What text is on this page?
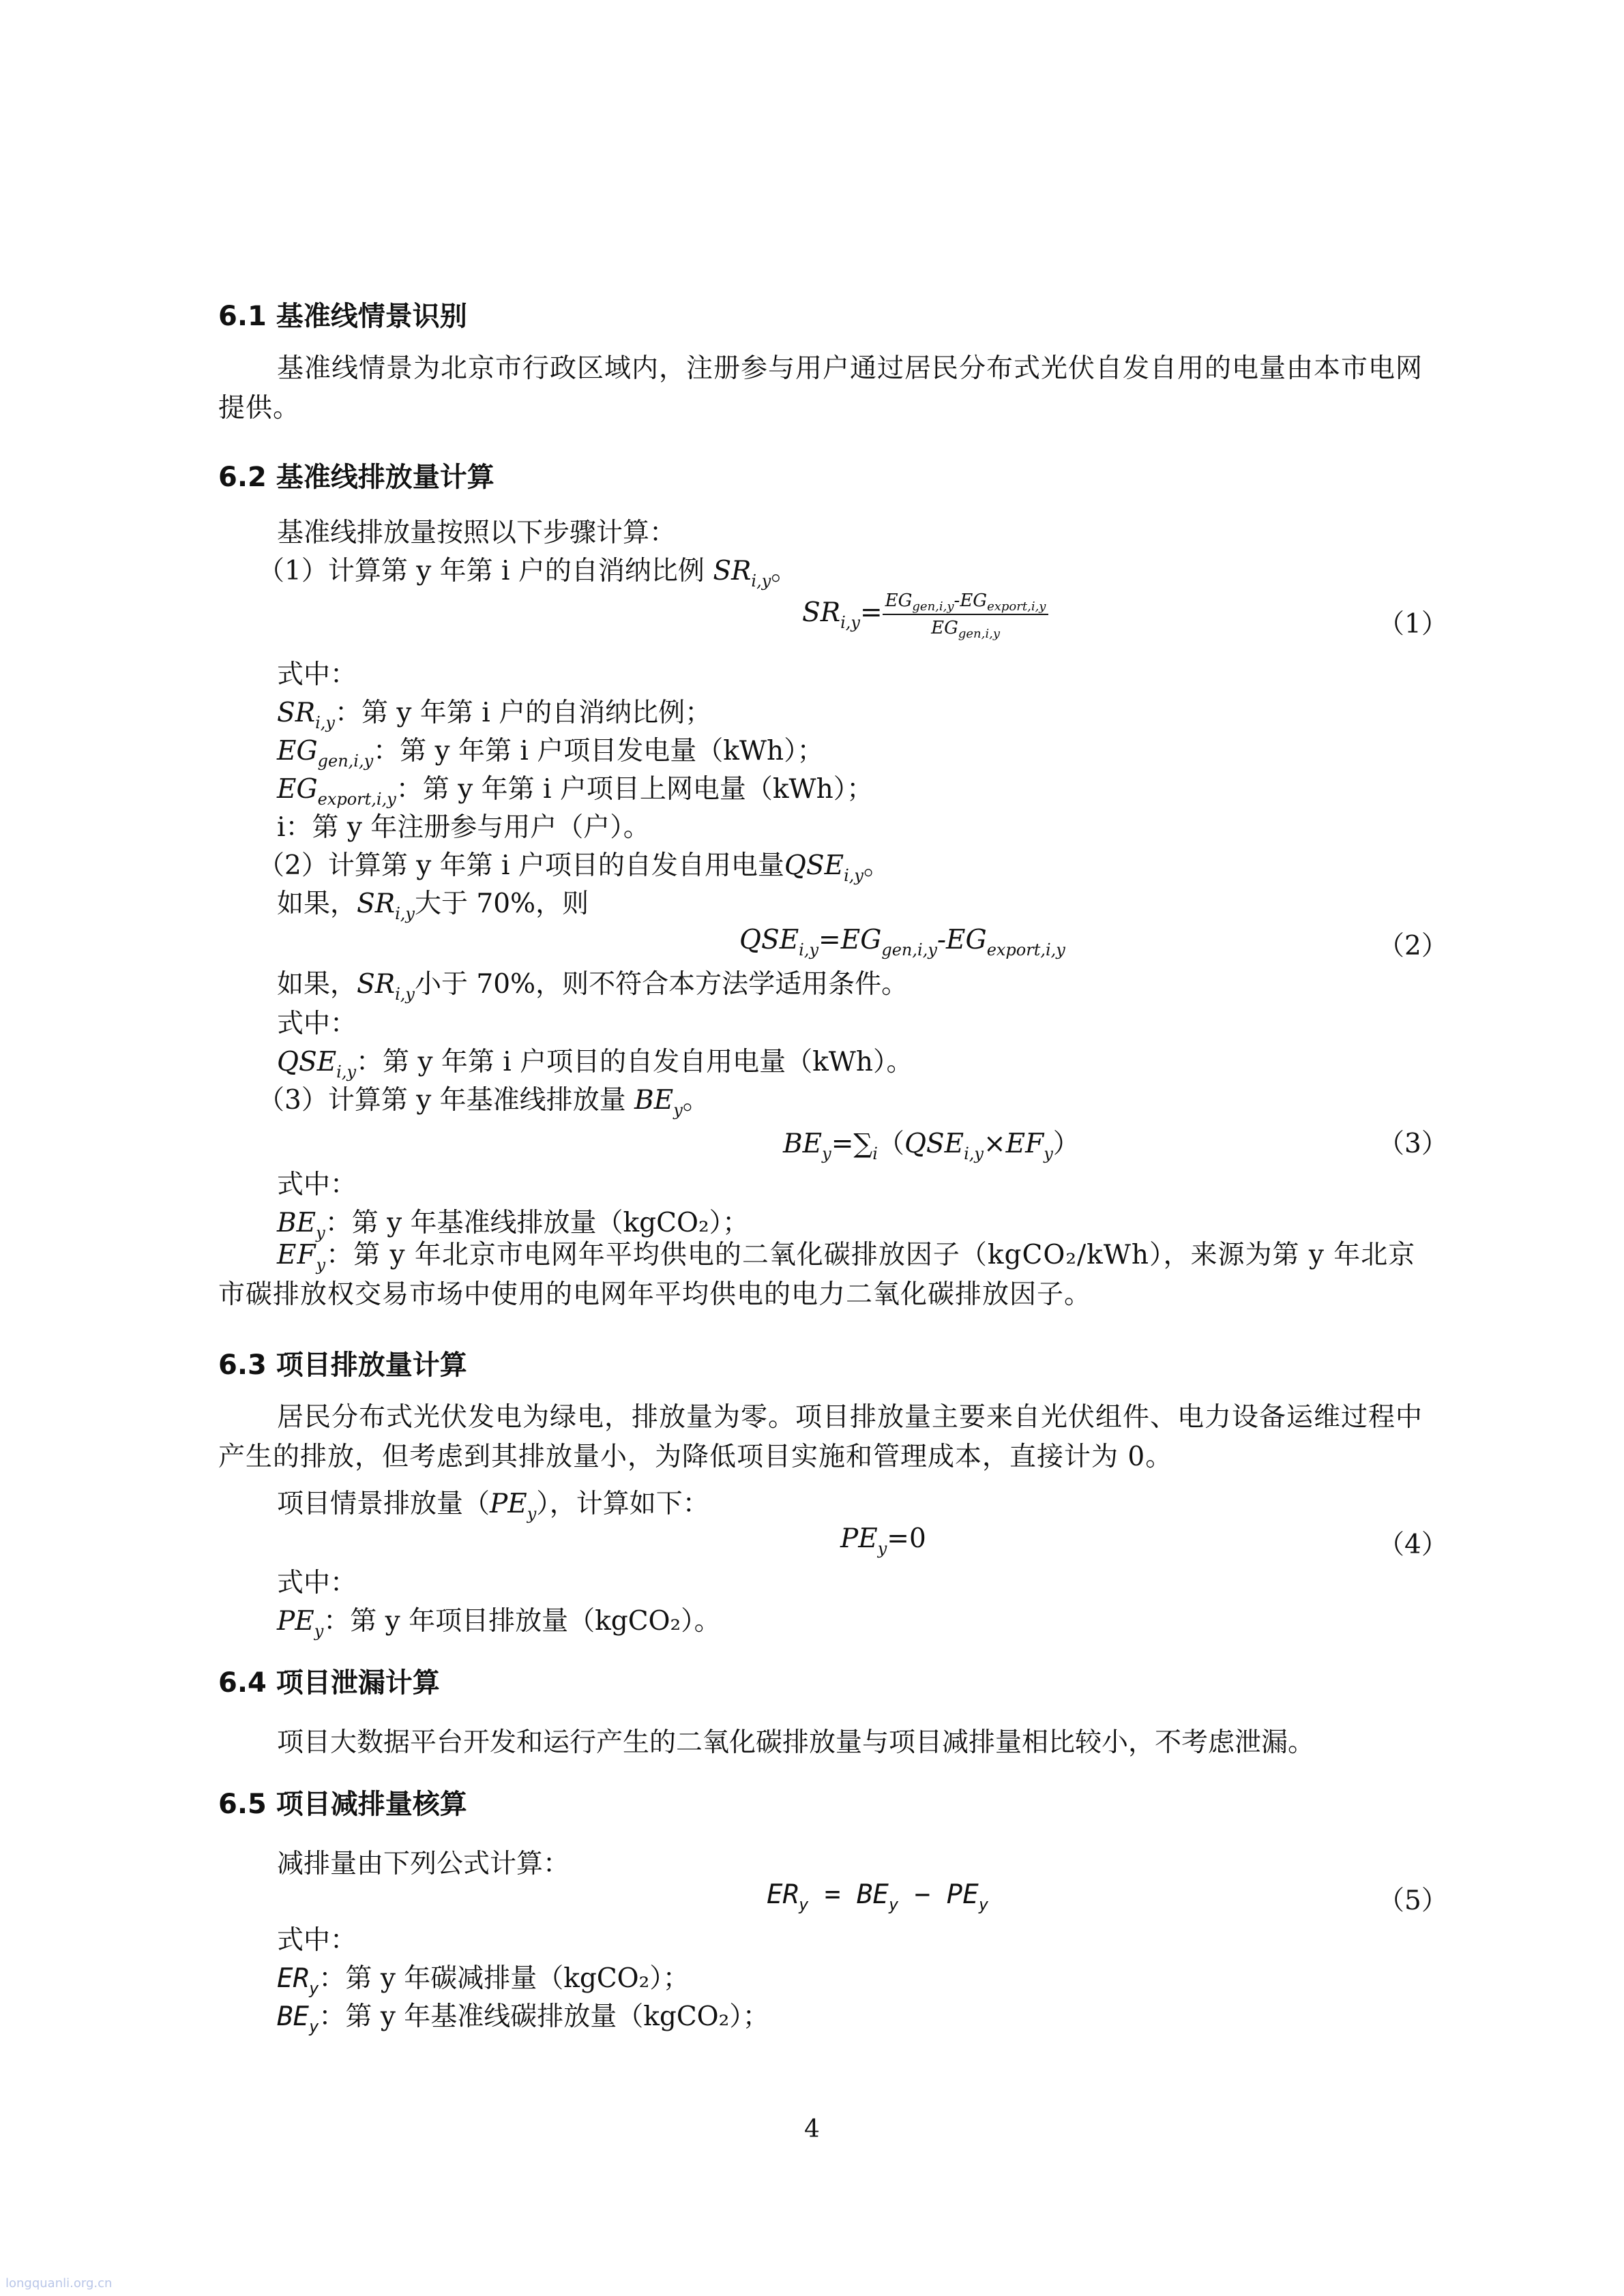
6.1 基准线情景识别
基准线情景为北京市行政区域内，注册参与用户通过居民分布式光伏自发自用的电量由本市电网提供。
6.2 基准线排放量计算
基准线排放量按照以下步骤计算：
（1）计算第 y 年第 i 户的自消纳比例 $SR_{i,y}$。
$SR_{i,y}= \frac{EG_{gen,i,y}-EG_{export,i,y}}{EG_{gen,i,y}}$	（1）
式中：
$SR_{i,y}$：第 y 年第 i 户的自消纳比例；
$EG_{gen,i,y}$：第 y 年第 i 户项目发电量（kWh）；
$EG_{export,i,y}$：第 y 年第 i 户项目上网电量（kWh）；
i：第 y 年注册参与用户（户）。
（2）计算第 y 年第 i 户项目的自发自用电量$QSE_{i,y}$。
如果，$SR_{i,y}$大于 70%，则
$QSE_{i,y}=EG_{gen,i,y}-EG_{export,i,y}$	（2）
如果，$SR_{i,y}$小于 70%，则不符合本方法学适用条件。
式中：
$QSE_{i,y}$：第 y 年第 i 户项目的自发自用电量（kWh）。
（3）计算第 y 年基准线排放量 $BE_y$。
$BE_y=\sum_i(QSE_{i,y}\times EF_y)$	（3）
式中：
$BE_y$：第 y 年基准线排放量（kgCO₂）；
$EF_y$：第 y 年北京市电网年平均供电的二氧化碳排放因子（kgCO₂/kWh），来源为第 y 年北京市碳排放权交易市场中使用的电网年平均供电的电力二氧化碳排放因子。
6.3 项目排放量计算
居民分布式光伏发电为绿电，排放量为零。项目排放量主要来自光伏组件、电力设备运维过程中产生的排放，但考虑到其排放量小，为降低项目实施和管理成本，直接计为 0。
项目情景排放量$(PE_y)$，计算如下：
$PE_y=0$	（4）
式中：
$PE_y$：第 y 年项目排放量（kgCO₂）。
6.4 项目泄漏计算
项目大数据平台开发和运行产生的二氧化碳排放量与项目减排量相比较小，不考虑泄漏。
6.5 项目减排量核算
减排量由下列公式计算：
$ER_y = BE_y - PE_y$	（5）
式中：
$ER_y$：第 y 年碳减排量（kgCO₂）；
$BE_y$：第 y 年基准线碳排放量（kgCO₂）；
4
longquanli.org.cn
